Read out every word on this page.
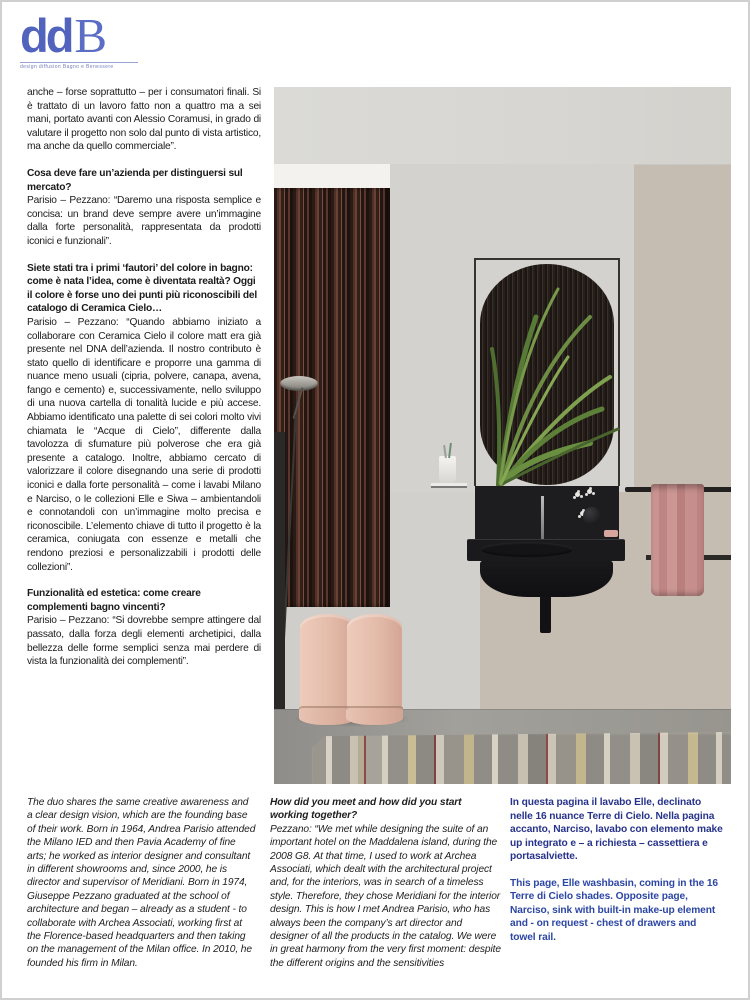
dd B
design diffusion Bagno e Benessere

anche – forse soprattutto – per i consumatori finali. Si è trattato di un lavoro fatto non a quattro ma a sei mani, portato avanti con Alessio Coramusi, in grado di valutare il progetto non solo dal punto di vista artistico, ma anche da quello commerciale”.

Cosa deve fare un’azienda per distinguersi sul mercato?

Parisio – Pezzano: “Daremo una risposta semplice e concisa: un brand deve sempre avere un’immagine dalla forte personalità, rappresentata da prodotti iconici e funzionali”.

Siete stati tra i primi ‘fautori’ del colore in bagno: come è nata l’idea, come è diventata realtà? Oggi il colore è forse uno dei punti più riconoscibili del catalogo di Ceramica Cielo…

Parisio – Pezzano: “Quando abbiamo iniziato a collaborare con Ceramica Cielo il colore matt era già presente nel DNA dell’azienda. Il nostro contributo è stato quello di identificare e proporre una gamma di nuance meno usuali (cipria, polvere, canapa, avena, fango e cemento) e, successivamente, nello sviluppo di una nuova cartella di tonalità lucide e più accese. Abbiamo identificato una palette di sei colori molto vivi chiamata le “Acque di Cielo”, differente dalla tavolozza di sfumature più polverose che era già presente a catalogo. Inoltre, abbiamo cercato di valorizzare il colore disegnando una serie di prodotti iconici e dalla forte personalità – come i lavabi Milano e Narciso, o le collezioni Elle e Siwa – ambientandoli e connotandoli con un’immagine molto precisa e riconoscibile. L’elemento chiave di tutto il progetto è la ceramica, coniugata con essenze e metalli che rendono preziosi e personalizzabili i prodotti delle collezioni”.

Funzionalità ed estetica: come creare complementi bagno vincenti?

Parisio – Pezzano: “Si dovrebbe sempre attingere dal passato, dalla forza degli elementi archetipici, dalla bellezza delle forme semplici senza mai perdere di vista la funzionalità dei complementi”.

The duo shares the same creative awareness and a clear design vision, which are the founding base of their work. Born in 1964, Andrea Parisio attended the Milano IED and then Pavia Academy of fine arts; he worked as interior designer and consultant in different showrooms and, since 2000, he is director and supervisor of Meridiani. Born in 1974, Giuseppe Pezzano graduated at the school of architecture and began – already as a student - to collaborate with Archea Associati, working first at the Florence-based headquarters and then taking on the management of the Milan office. In 2010, he founded his firm in Milan.

How did you meet and how did you start working together?

Pezzano: “We met while designing the suite of an important hotel on the Maddalena island, during the 2008 G8. At that time, I used to work at Archea Associati, which dealt with the architectural project and, for the interiors, was in search of a timeless style. Therefore, they chose Meridiani for the interior design. This is how I met Andrea Parisio, who has always been the company’s art director and designer of all the products in the catalog. We were in great harmony from the very first moment: despite the different origins and the sensitivities

In questa pagina il lavabo Elle, declinato nelle 16 nuance Terre di Cielo. Nella pagina accanto, Narciso, lavabo con elemento make up integrato e – a richiesta – cassettiera e portasalviette.

This page, Elle washbasin, coming in the 16 Terre di Cielo shades. Opposite page, Narciso, sink with built-in make-up element and - on request - chest of drawers and towel rail.
